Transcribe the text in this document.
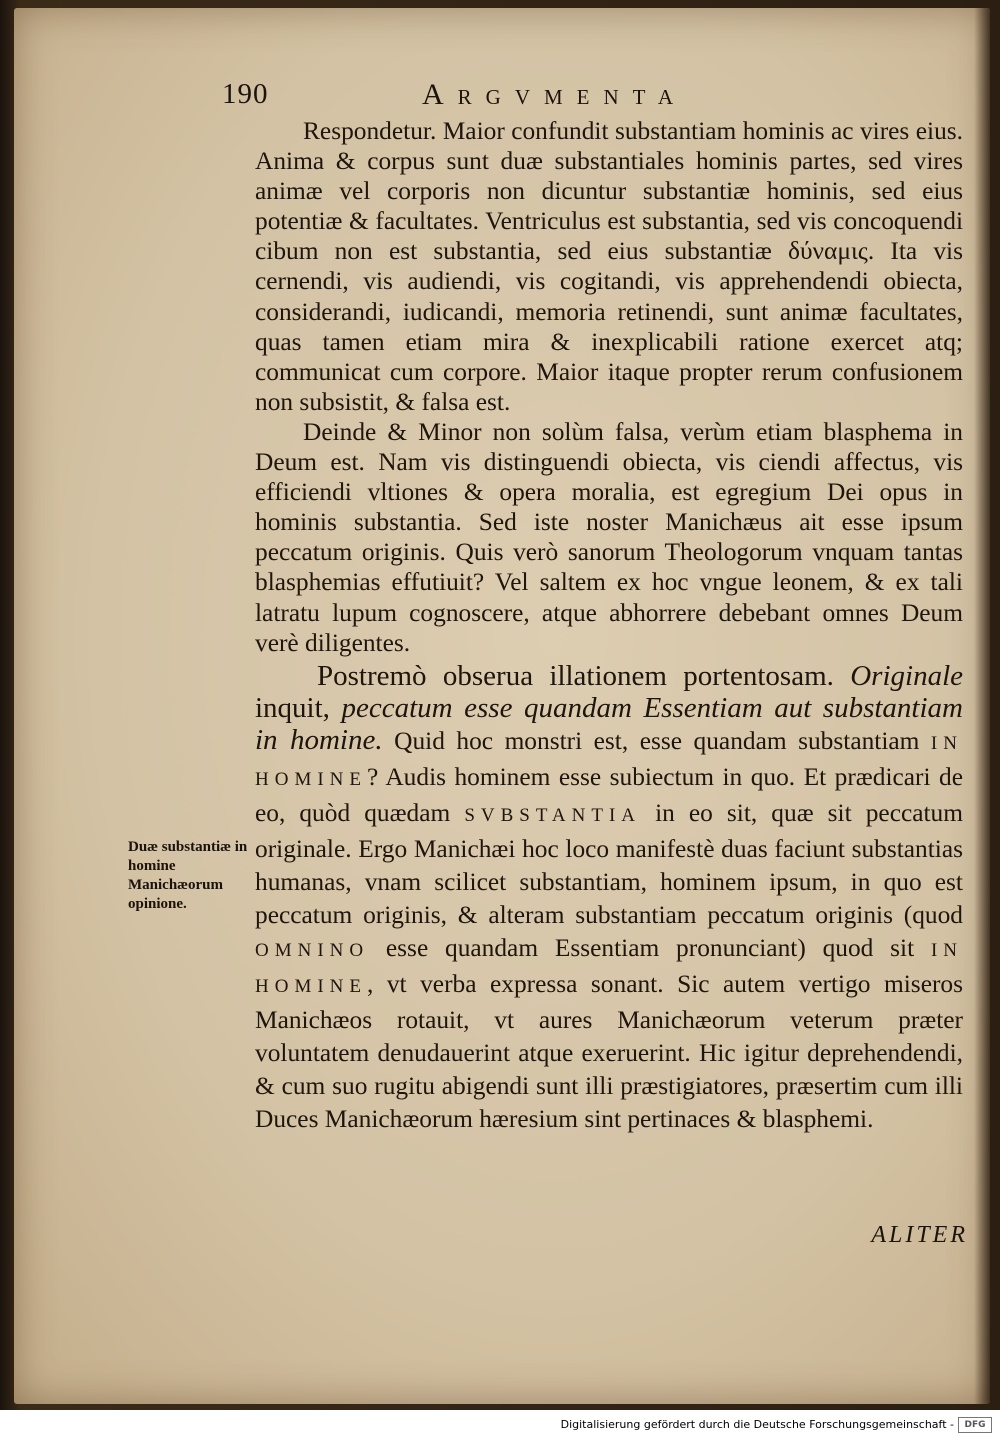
190	Argvmenta

Respondetur. Maior confundit substantiam hominis ac vires eius. Anima & corpus sunt duæ substantiales hominis partes, sed vires animæ vel corporis non dicuntur substantiæ hominis, sed eius potentiæ & facultates. Ventriculus est substantia, sed vis concoquendi cibum non est substantia, sed eius substantiæ δύναμις. Ita vis cernendi, vis audiendi, vis cogitandi, vis apprehendendi obiecta, considerandi, iudicandi, memoria retinendi, sunt animæ facultates, quas tamen etiam mira & inexplicabili ratione exercet atq; communicat cum corpore. Maior itaque propter rerum confusionem non subsistit, & falsa est.

Deinde & Minor non solùm falsa, verùm etiam blasphema in Deum est. Nam vis distinguendi obiecta, vis ciendi affectus, vis efficiendi vltiones & opera moralia, est egregium Dei opus in hominis substantia. Sed iste noster Manichæus ait esse ipsum peccatum originis. Quis verò sanorum Theologorum vnquam tantas blasphemias effutiuit? Vel saltem ex hoc vngue leonem, & ex tali latratu lupum cognoscere, atque abhorrere debebant omnes Deum verè diligentes.

Postremò obserua illationem portentosam. Originale inquit, peccatum esse quandam Essentiam aut substantiam in homine. Quid hoc monstri est, esse quandam substantiam IN HOMINE? Audis hominem esse subiectum in quo. Et prædicari de eo, quòd quædam SVBSTANTIA in eo sit, quæ sit peccatum originale. Ergo Manichæi hoc loco manifestè duas faciunt substantias humanas, vnam scilicet substantiam, hominem ipsum, in quo est peccatum originis, & alteram substantiam peccatum originis (quod OMNINO esse quandam Essentiam pronunciant) quod sit IN HOMINE, vt verba expressa sonant. Sic autem vertigo miseros Manichæos rotauit, vt aures Manichæorum veterum præter voluntatem denudauerint atque exeruerint. Hic igitur deprehendendi, & cum suo rugitu abigendi sunt illi præstigiatores, præsertim cum illi Duces Manichæorum hæresium sint pertinaces & blasphemi.

Duæ substantiæ in homine Manichæorum opinione.
ALITER
Digitalisierung gefördert durch die Deutsche Forschungsgemeinschaft -	DFG
